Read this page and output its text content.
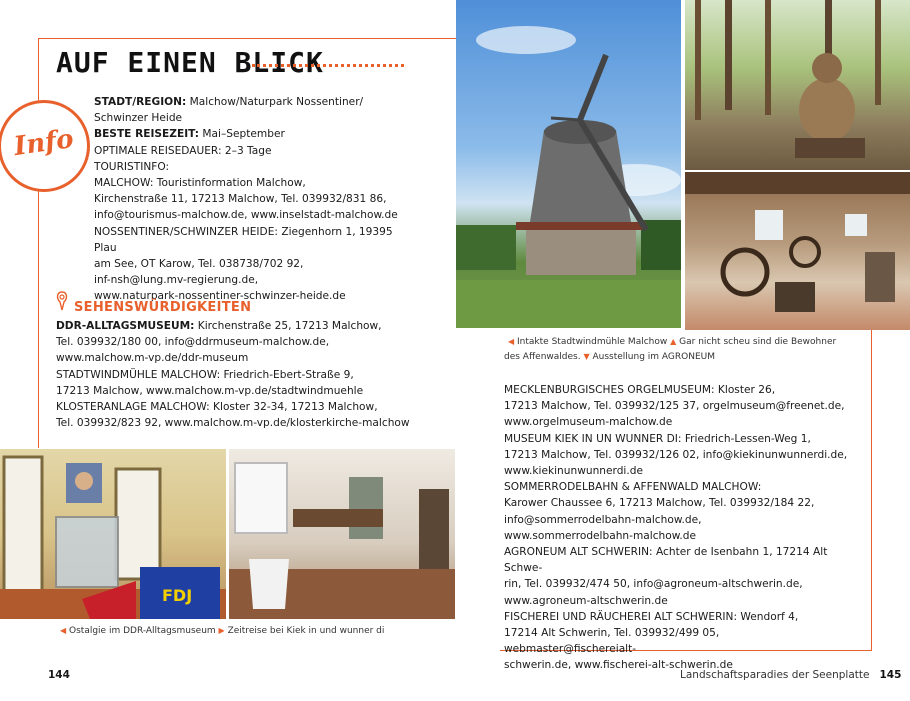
AUF EINEN BLICK
Info
STADT/REGION: Malchow/Naturpark Nossentiner/
Schwinzer Heide
BESTE REISEZEIT: Mai–September
OPTIMALE REISEDAUER: 2–3 Tage
TOURISTINFO:
MALCHOW: Touristinformation Malchow,
Kirchenstraße 11, 17213 Malchow, Tel. 039932/831 86,
info@tourismus-malchow.de, www.inselstadt-malchow.de
NOSSENTINER/SCHWINZER HEIDE: Ziegenhorn 1, 19395 Plau
am See, OT Karow, Tel. 038738/702 92,
inf-nsh@lung.mv-regierung.de,
www.naturpark-nossentiner-schwinzer-heide.de
SEHENSWÜRDIGKEITEN
DDR-ALLTAGSMUSEUM: Kirchenstraße 25, 17213 Malchow,
Tel. 039932/180 00, info@ddrmuseum-malchow.de,
www.malchow.m-vp.de/ddr-museum
STADTWINDMÜHLE MALCHOW: Friedrich-Ebert-Straße 9,
17213 Malchow, www.malchow.m-vp.de/stadtwindmuehle
KLOSTERANLAGE MALCHOW: Kloster 32-34, 17213 Malchow,
Tel. 039932/823 92, www.malchow.m-vp.de/klosterkirche-malchow
MECKLENBURGISCHES ORGELMUSEUM: Kloster 26,
17213 Malchow, Tel. 039932/125 37, orgelmuseum@freenet.de,
www.orgelmuseum-malchow.de
MUSEUM KIEK IN UN WUNNER DI: Friedrich-Lessen-Weg 1,
17213 Malchow, Tel. 039932/126 02, info@kiekinunwunnerdi.de,
www.kiekinunwunnerdi.de
SOMMERRODELBAHN & AFFENWALD MALCHOW:
Karower Chaussee 6, 17213 Malchow, Tel. 039932/184 22,
info@sommerrodelbahn-malchow.de,
www.sommerrodelbahn-malchow.de
AGRONEUM ALT SCHWERIN: Achter de Isenbahn 1, 17214 Alt Schwe-
rin, Tel. 039932/474 50, info@agroneum-altschwerin.de,
www.agroneum-altschwerin.de
FISCHEREI UND RÄUCHEREI ALT SCHWERIN: Wendorf 4,
17214 Alt Schwerin, Tel. 039932/499 05, webmaster@fischereialt-
schwerin.de, www.fischerei-alt-schwerin.de
FDJ
◀ Intakte Stadtwindmühle Malchow ▲ Gar nicht scheu sind die Bewohner
des Affenwaldes. ▼ Ausstellung im AGRONEUM
◀ Ostalgie im DDR-Alltagsmuseum ▶ Zeitreise bei Kiek in und wunner di
144	Landschaftsparadies der Seenplatte 145
